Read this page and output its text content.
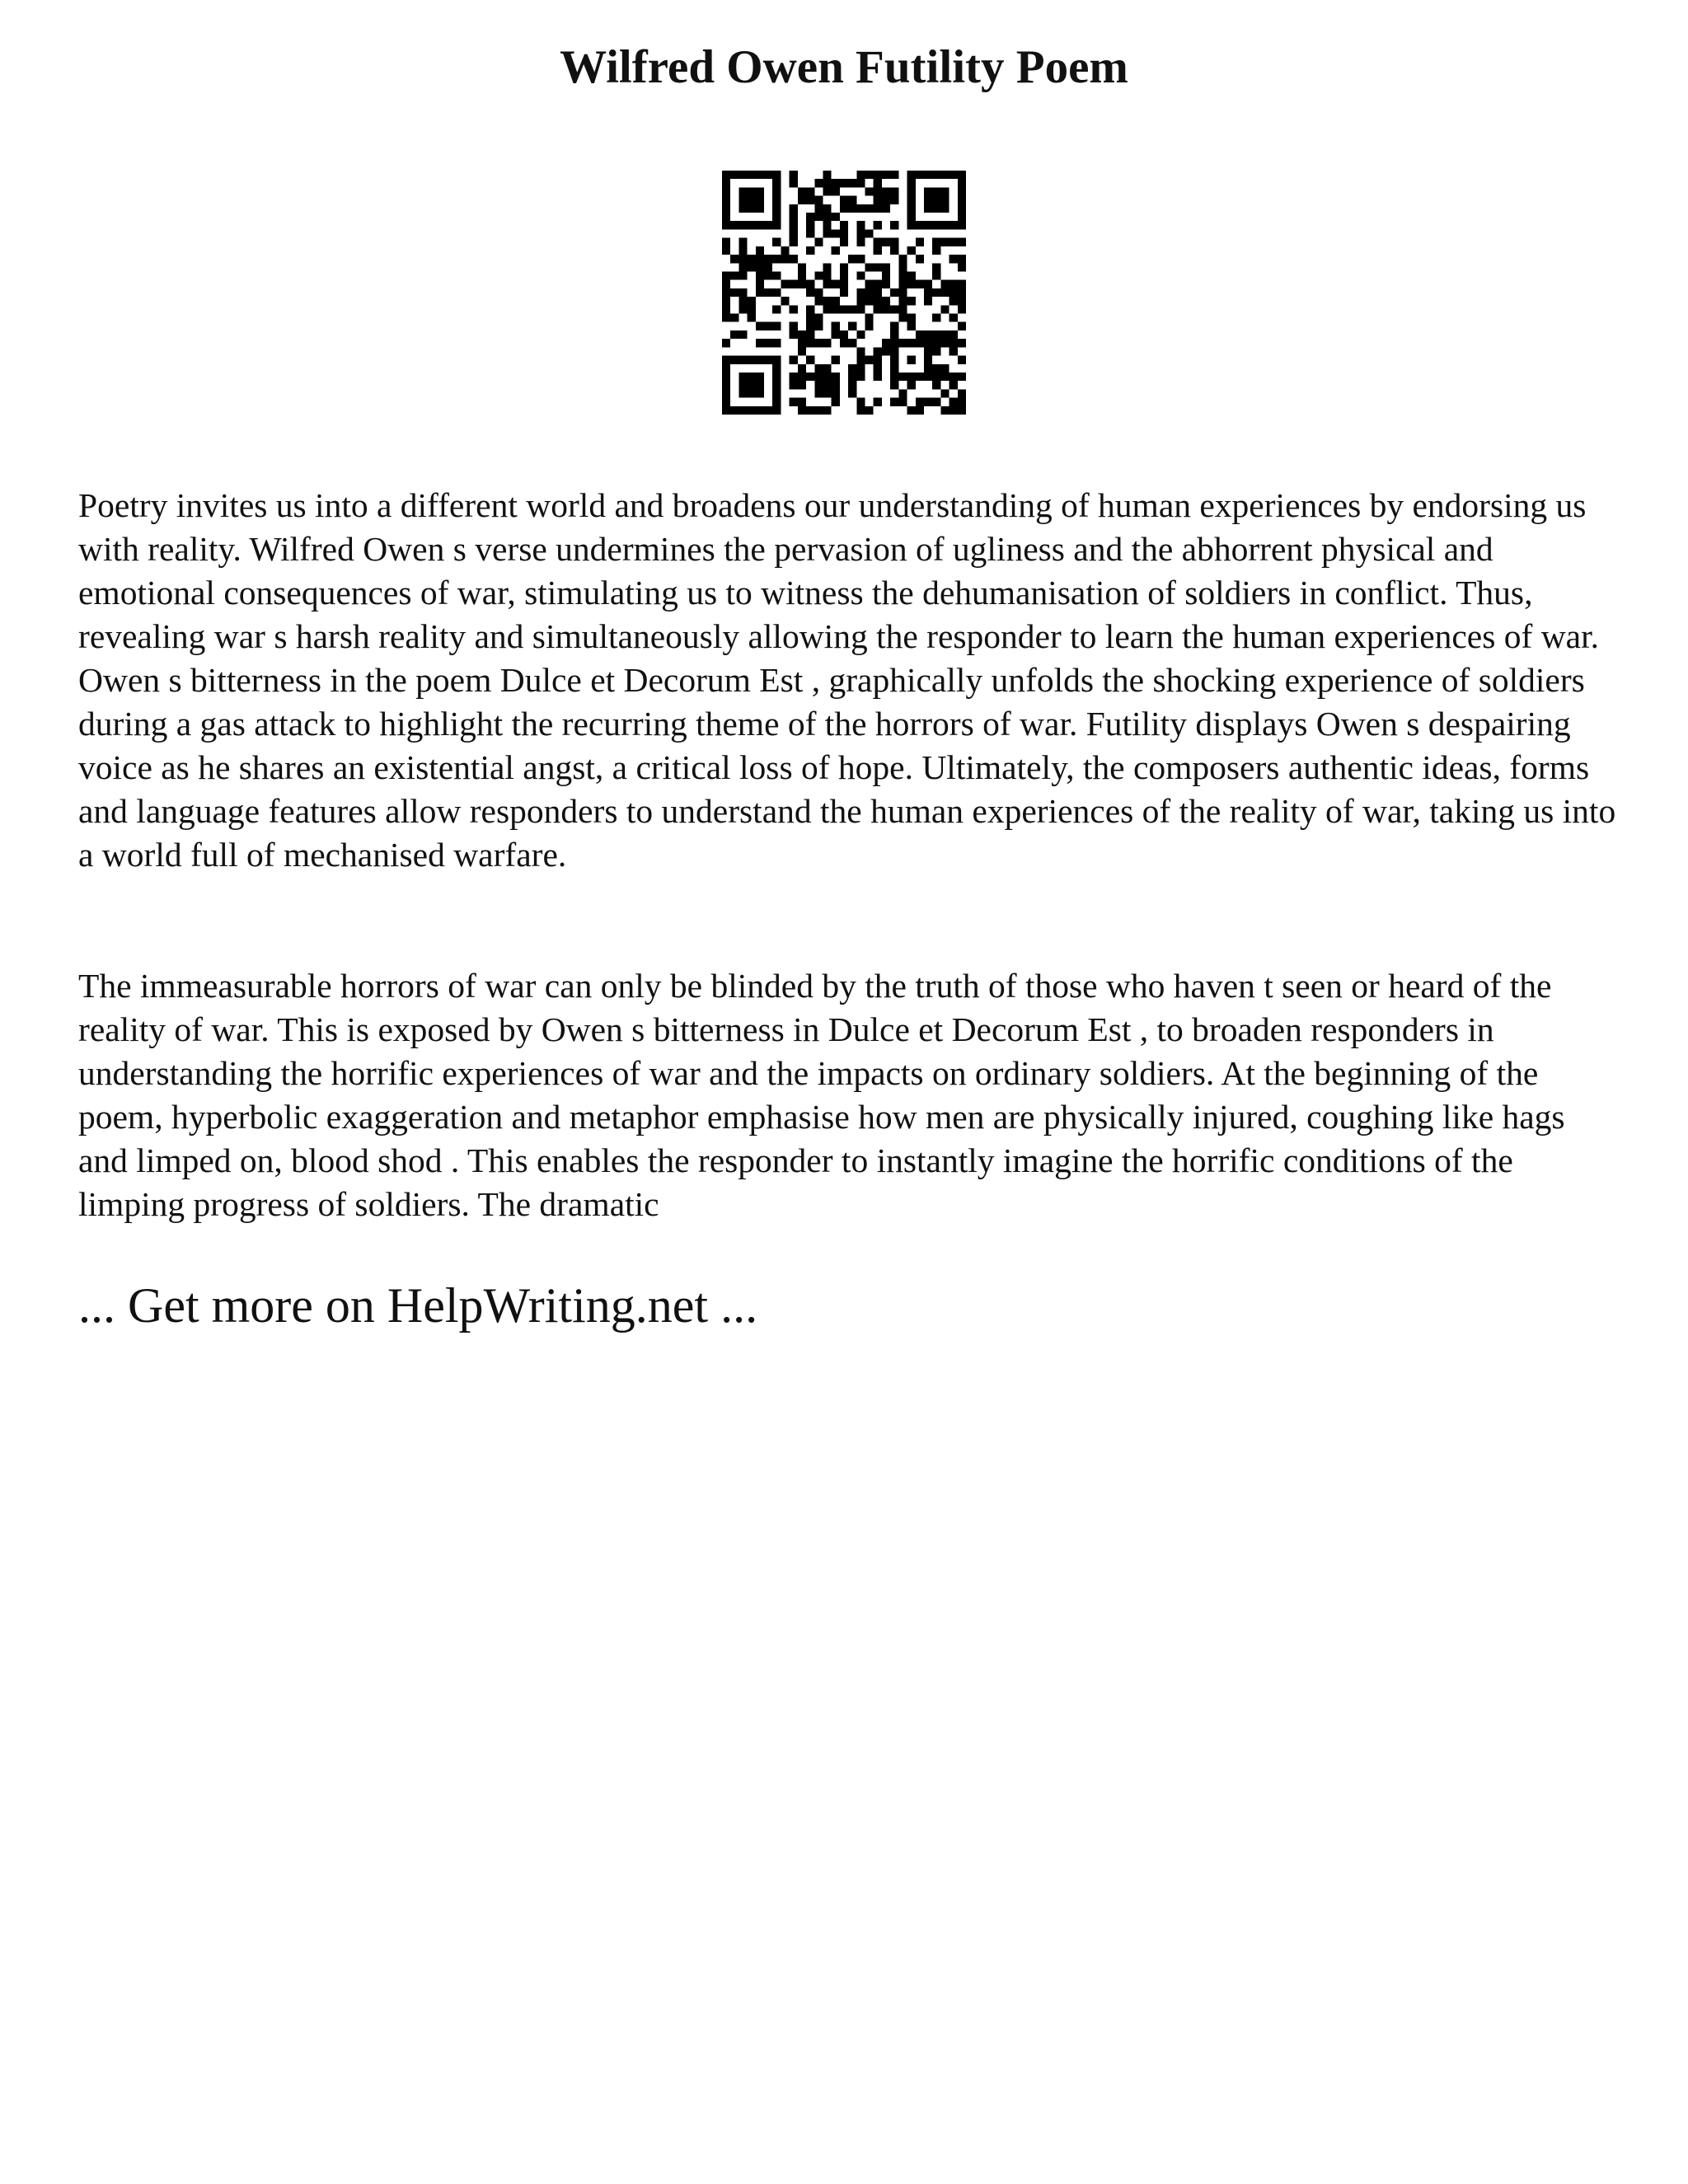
Wilfred Owen Futility Poem

Poetry invites us into a different world and broadens our understanding of human experiences by endorsing us with reality. Wilfred Owen s verse undermines the pervasion of ugliness and the abhorrent physical and emotional consequences of war, stimulating us to witness the dehumanisation of soldiers in conflict. Thus, revealing war s harsh reality and simultaneously allowing the responder to learn the human experiences of war. Owen s bitterness in the poem Dulce et Decorum Est , graphically unfolds the shocking experience of soldiers during a gas attack to highlight the recurring theme of the horrors of war. Futility displays Owen s despairing voice as he shares an existential angst, a critical loss of hope. Ultimately, the composers authentic ideas, forms and language features allow responders to understand the human experiences of the reality of war, taking us into a world full of mechanised warfare.

The immeasurable horrors of war can only be blinded by the truth of those who haven t seen or heard of the reality of war. This is exposed by Owen s bitterness in Dulce et Decorum Est , to broaden responders in understanding the horrific experiences of war and the impacts on ordinary soldiers. At the beginning of the poem, hyperbolic exaggeration and metaphor emphasise how men are physically injured, coughing like hags and limped on, blood shod . This enables the responder to instantly imagine the horrific conditions of the limping progress of soldiers. The dramatic

... Get more on HelpWriting.net ...
